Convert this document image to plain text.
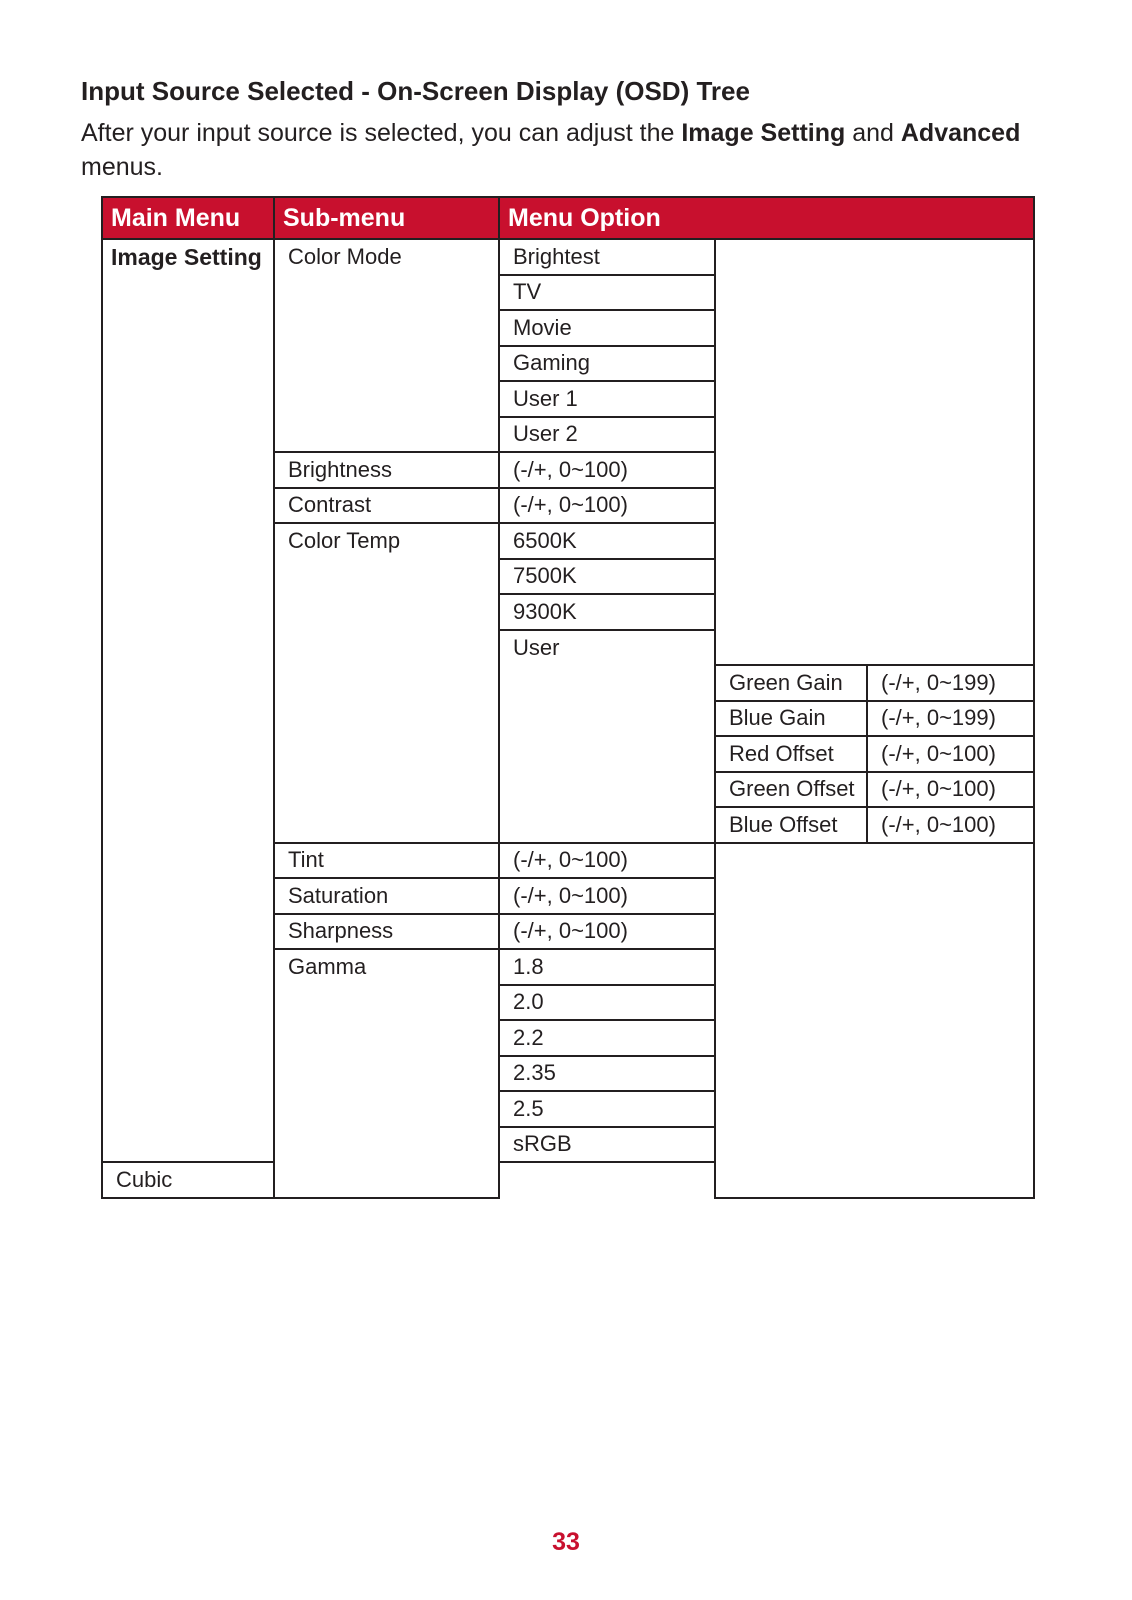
Input Source Selected - On-Screen Display (OSD) Tree
After your input source is selected, you can adjust the Image Setting and Advanced menus.
Main Menu	Sub-menu	Menu Option			
Image Setting	Color Mode	Brightest			
		TV			
		Movie			
		Gaming			
		User 1			
		User 2			
	Brightness	(-/+, 0~100)			
	Contrast	(-/+, 0~100)			
	Color Temp	6500K			
		7500K			
		9300K			
		User		
			Green Gain	(-/+, 0~199)	
			Blue Gain	(-/+, 0~199)	
			Red Offset	(-/+, 0~100)	
			Green Offset	(-/+, 0~100)	
			Blue Offset	(-/+, 0~100)	
	Tint	(-/+, 0~100)			
	Saturation	(-/+, 0~100)			
	Sharpness	(-/+, 0~100)			
	Gamma	1.8			
		2.0			
		2.2			
		2.35			
		2.5			
		sRGB			
Cubic					
33
